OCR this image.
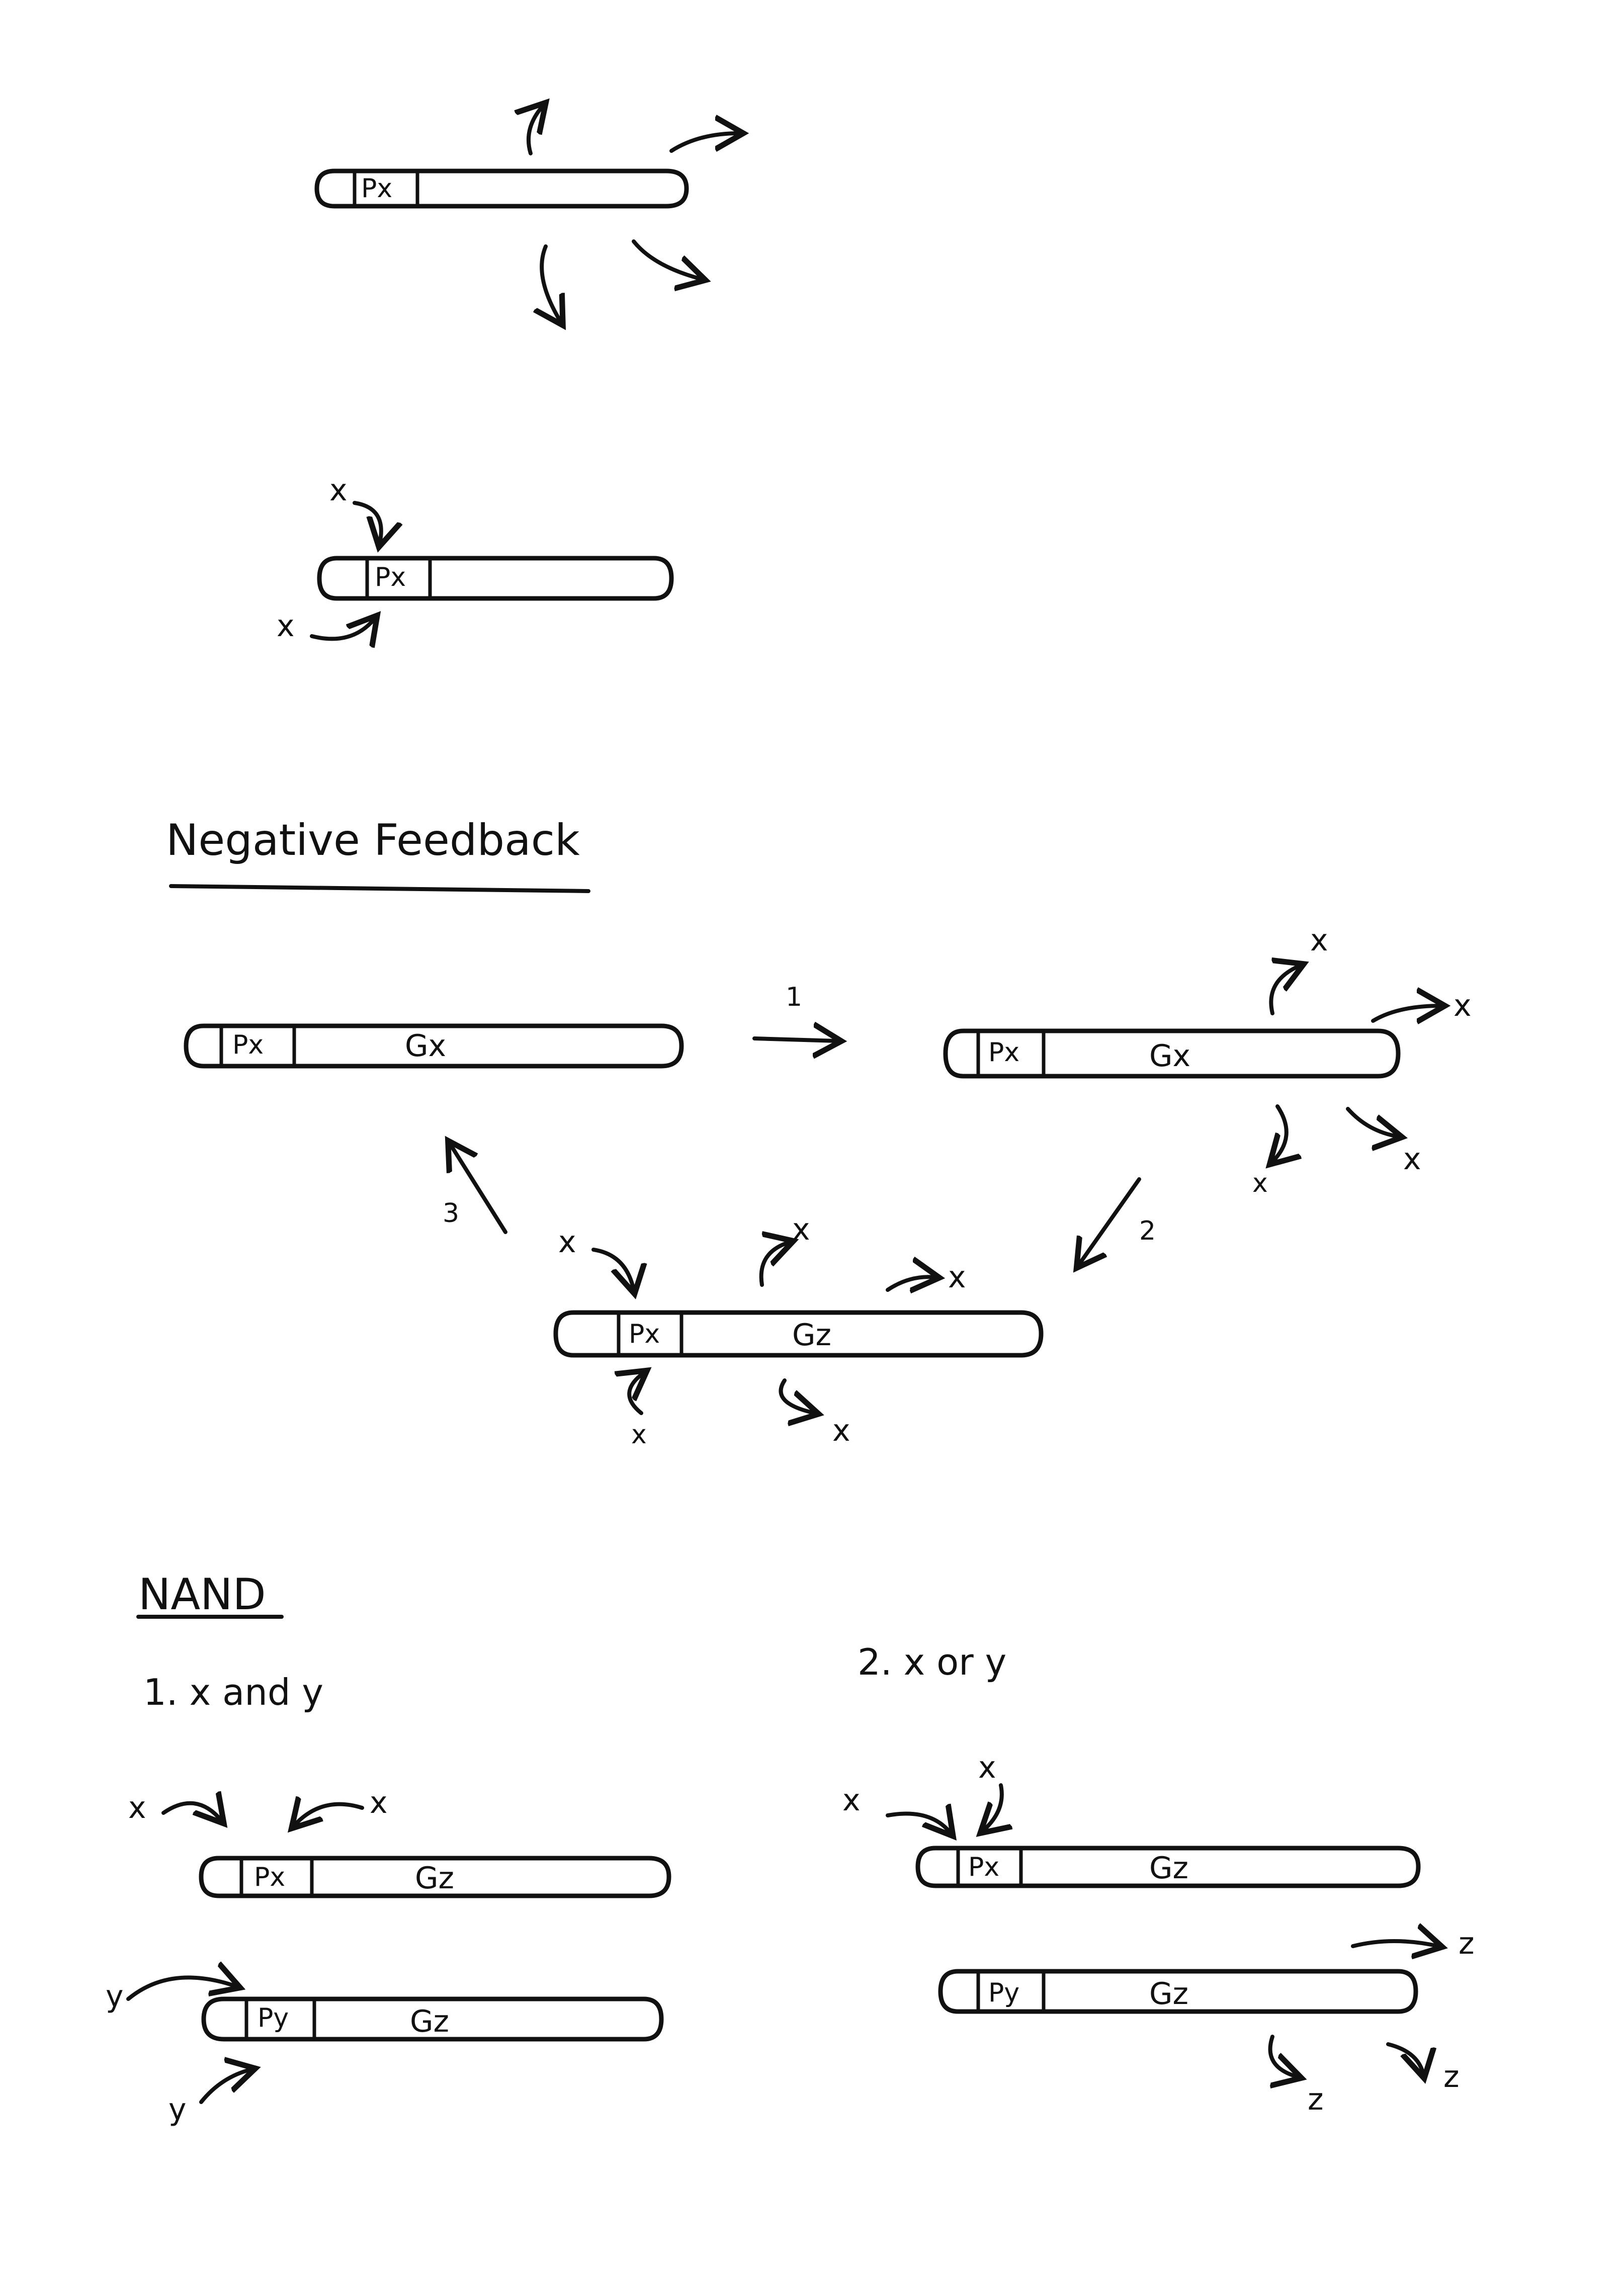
Px
Px
x
x
Negative Feedback
Px	Gx
1
Px	Gx
x
x
x
x
2
3
Px	Gz
x
x
x
x
x
NAND
1. x and y
Px	Gz
x	x
Py	Gz
y
y
2. x or y
Px	Gz
x
x
Py	Gz
z
z
z
